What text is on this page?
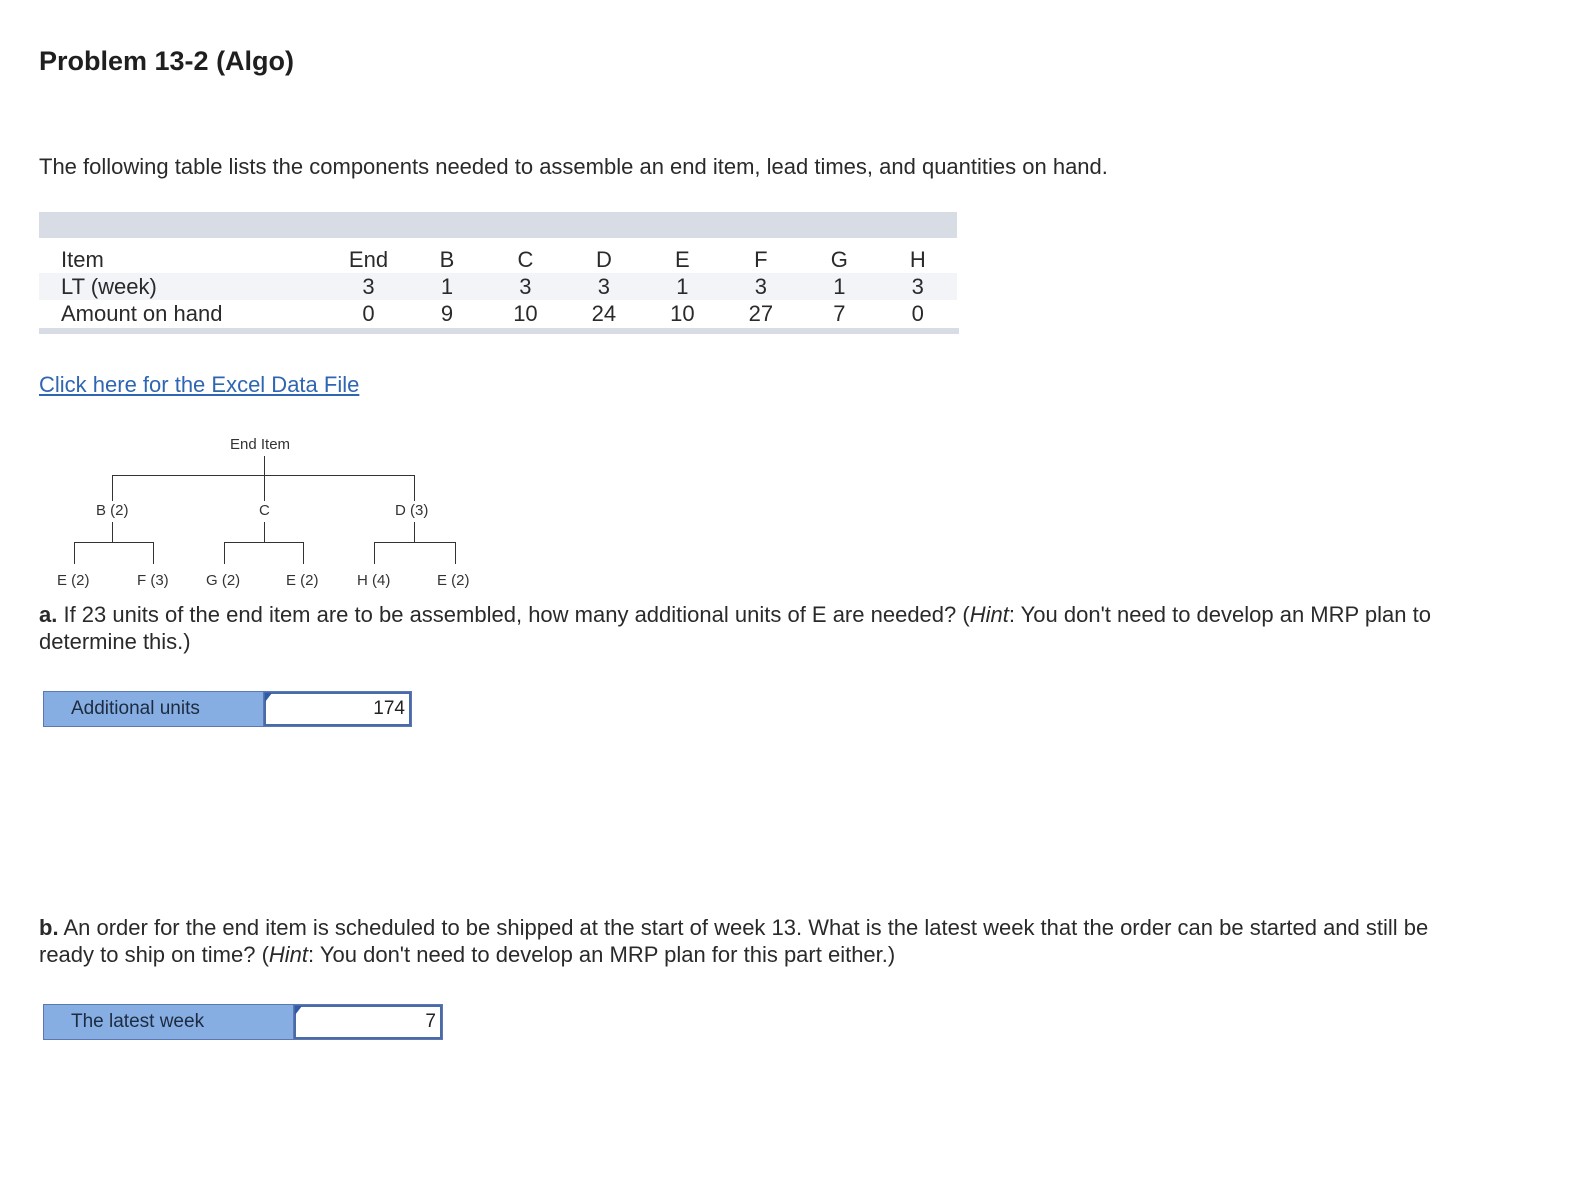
Problem 13-2 (Algo)
The following table lists the components needed to assemble an end item, lead times, and quantities on hand.
Item	End	B	C	D	E	F	G	H
LT (week)	3	1	3	3	1	3	1	3
Amount on hand	0	9	10	24	10	27	7	0
Click here for the Excel Data File
End Item
B (2)	C	D (3)
E (2)	F (3) G (2)	E (2)	H (4)	E (2)
a. If 23 units of the end item are to be assembled, how many additional units of E are needed? (Hint: You don't need to develop an MRP plan to determine this.)
Additional units	174
b. An order for the end item is scheduled to be shipped at the start of week 13. What is the latest week that the order can be started and still be ready to ship on time? (Hint: You don't need to develop an MRP plan for this part either.)
The latest week	7
